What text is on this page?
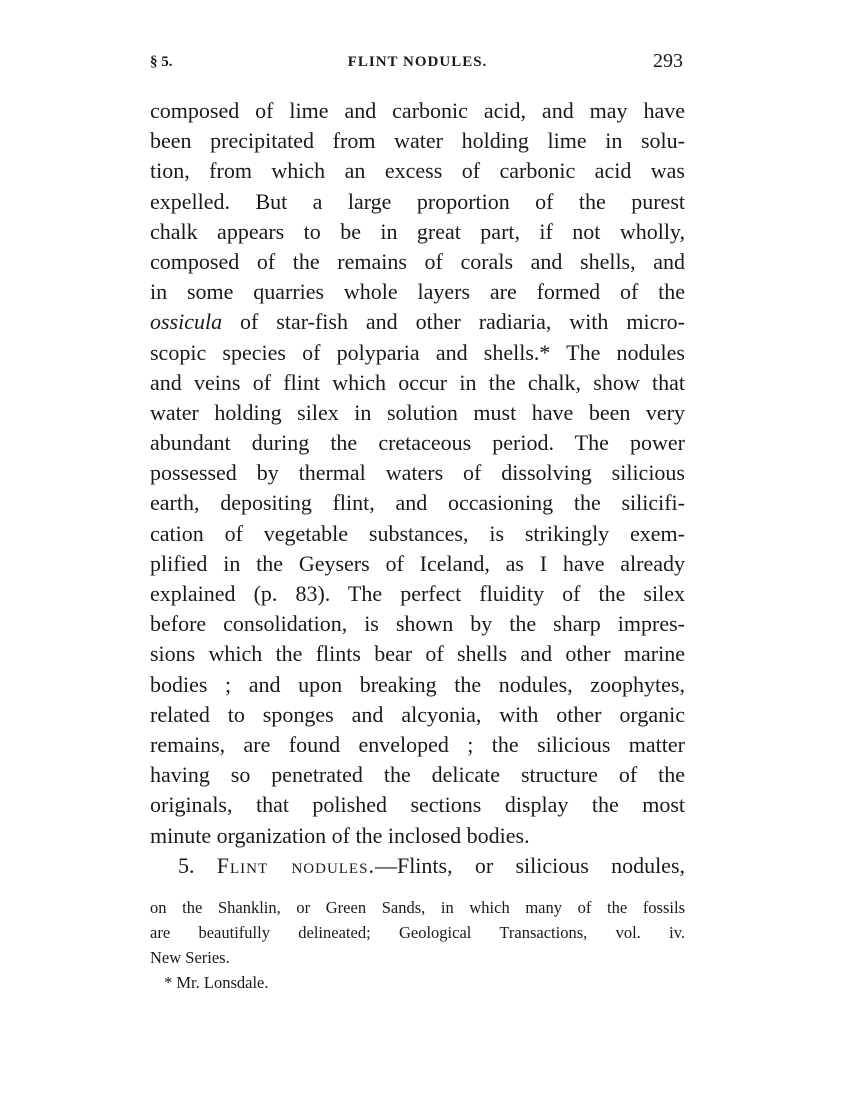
§ 5.	FLINT NODULES.	293
composed of lime and carbonic acid, and may have
been precipitated from water holding lime in solu-
tion, from which an excess of carbonic acid was
expelled. But a large proportion of the purest
chalk appears to be in great part, if not wholly,
composed of the remains of corals and shells, and
in some quarries whole layers are formed of the
ossicula of star-fish and other radiaria, with micro-
scopic species of polyparia and shells.* The nodules
and veins of flint which occur in the chalk, show that
water holding silex in solution must have been very
abundant during the cretaceous period. The power
possessed by thermal waters of dissolving silicious
earth, depositing flint, and occasioning the silicifi-
cation of vegetable substances, is strikingly exem-
plified in the Geysers of Iceland, as I have already
explained (p. 83). The perfect fluidity of the silex
before consolidation, is shown by the sharp impres-
sions which the flints bear of shells and other marine
bodies ; and upon breaking the nodules, zoophytes,
related to sponges and alcyonia, with other organic
remains, are found enveloped ; the silicious matter
having so penetrated the delicate structure of the
originals, that polished sections display the most
minute organization of the inclosed bodies.
5. Flint nodules.—Flints, or silicious nodules,
on the Shanklin, or Green Sands, in which many of the fossils
are beautifully delineated; Geological Transactions, vol. iv.
New Series.
* Mr. Lonsdale.
